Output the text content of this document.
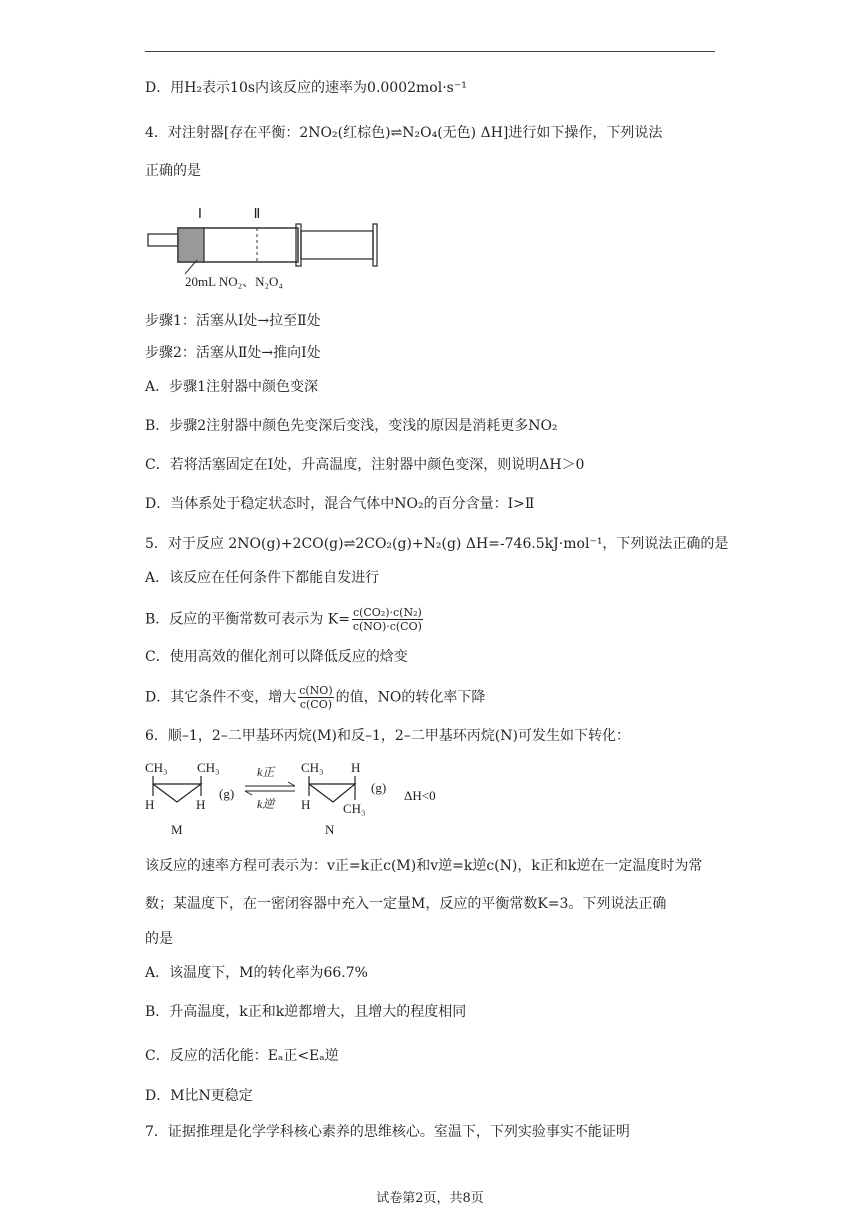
D．用H₂表示10s内该反应的速率为0.0002mol·s⁻¹
4．对注射器[存在平衡：2NO₂(红棕色)⇌N₂O₄(无色) ΔH]进行如下操作，下列说法
正确的是
Ⅰ	Ⅱ
20mL NO₂、N₂O₄
步骤1：活塞从Ⅰ处→拉至Ⅱ处
步骤2：活塞从Ⅱ处→推向Ⅰ处
A．步骤1注射器中颜色变深
B．步骤2注射器中颜色先变深后变浅，变浅的原因是消耗更多NO₂
C．若将活塞固定在Ⅰ处，升高温度，注射器中颜色变深，则说明ΔH＞0
D．当体系处于稳定状态时，混合气体中NO₂的百分含量：Ⅰ>Ⅱ
5．对于反应 2NO(g)+2CO(g)⇌2CO₂(g)+N₂(g) ΔH=-746.5kJ·mol⁻¹，下列说法正确的是
A．该反应在任何条件下都能自发进行
B．反应的平衡常数可表示为 $K= \frac{\text{c(CO₂)·c(N₂)}}{c(NO)\cdot c(CO)}$
C．使用高效的催化剂可以降低反应的焓变
D．其它条件不变，增大 $\frac{c(NO)}{c(CO)}$ 的值，NO的转化率下降
6．顺–1，2–二甲基环丙烷(M)和反–1，2–二甲基环丙烷(N)可发生如下转化：
CH₃ CH₃
H	H
M
(g)
k正
k逆
CH₃ H
H	CH₃
N
(g)
ΔH<0
该反应的速率方程可表示为：v正=k正c(M)和v逆=k逆c(N)，k正和k逆在一定温度时为常
数；某温度下，在一密闭容器中充入一定量M，反应的平衡常数K=3。下列说法正确
的是
A．该温度下，M的转化率为66.7%
B．升高温度，k正和k逆都增大，且增大的程度相同
C．反应的活化能：Eₐ正<Eₐ逆
D．M比N更稳定
7．证据推理是化学学科核心素养的思维核心。室温下，下列实验事实不能证明
试卷第2页，共8页
